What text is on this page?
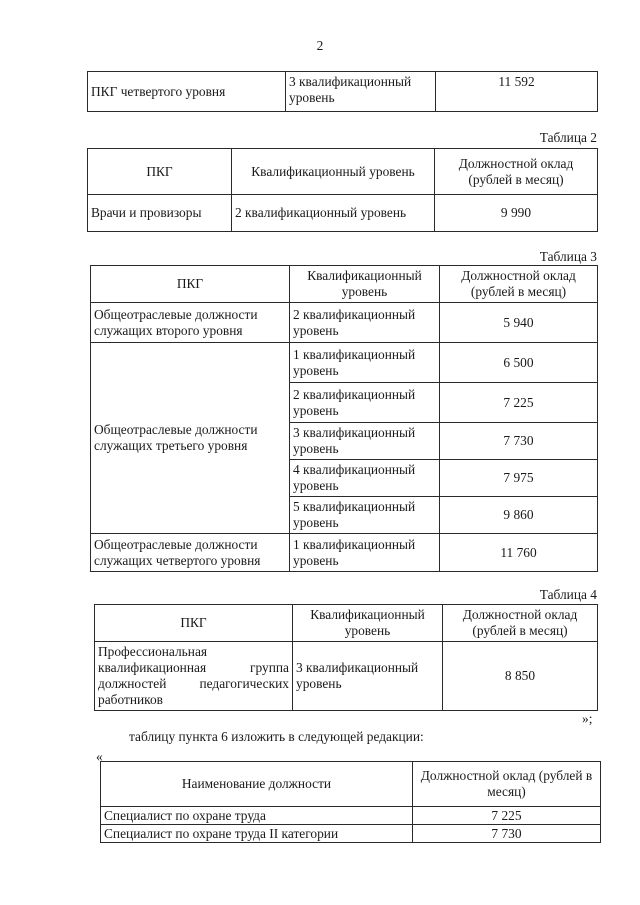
2
ПКГ четвертого уровня	3 квалификационный уровень	11 592
Таблица 2
ПКГ	Квалификационный уровень	Должностной оклад (рублей в месяц)
Врачи и провизоры	2 квалификационный уровень	9 990
Таблица 3
ПКГ	Квалификационный уровень	Должностной оклад (рублей в месяц)
Общеотраслевые должности служащих второго уровня	2 квалификационный уровень	5 940
Общеотраслевые должности служащих третьего уровня	1 квалификационный уровень	6 500
	2 квалификационный уровень	7 225
	3 квалификационный уровень	7 730
	4 квалификационный уровень	7 975
	5 квалификационный уровень	9 860
Общеотраслевые должности служащих четвертого уровня	1 квалификационный уровень	11 760
Таблица 4
ПКГ	Квалификационный уровень	Должностной оклад (рублей в месяц)

Профессиональная
квалификационная группа
должностей педагогических
работников	3 квалификационный уровень	8 850
»;
таблицу пункта 6 изложить в следующей редакции:
«
Наименование должности	Должностной оклад (рублей в месяц)
Специалист по охране труда	7 225
Специалист по охране труда II категории	7 730
